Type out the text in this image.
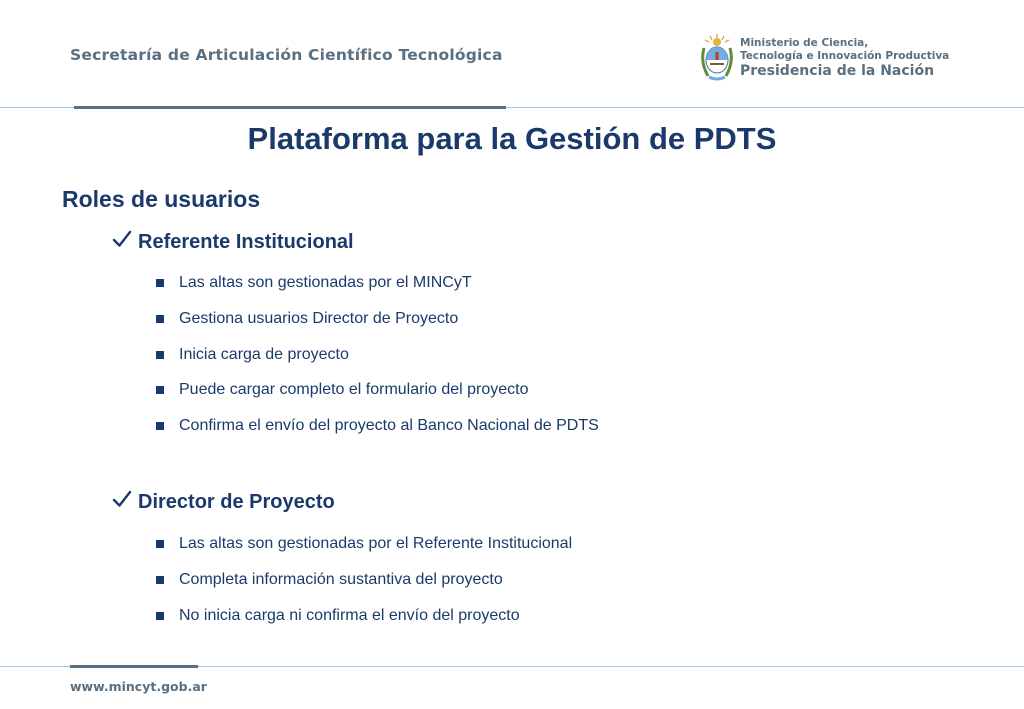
Secretaría de Articulación Científico Tecnológica
Ministerio de Ciencia,
Tecnología e Innovación Productiva
Presidencia de la Nación
Plataforma para la Gestión de PDTS
Roles de usuarios
Referente Institucional
Las altas son gestionadas por el MINCyT
Gestiona usuarios Director de Proyecto
Inicia carga de proyecto
Puede cargar completo el formulario del proyecto
Confirma el envío del proyecto al Banco Nacional de PDTS
Director de Proyecto
Las altas son gestionadas por el Referente Institucional
Completa información sustantiva del proyecto
No inicia carga ni confirma el envío del proyecto
www.mincyt.gob.ar
